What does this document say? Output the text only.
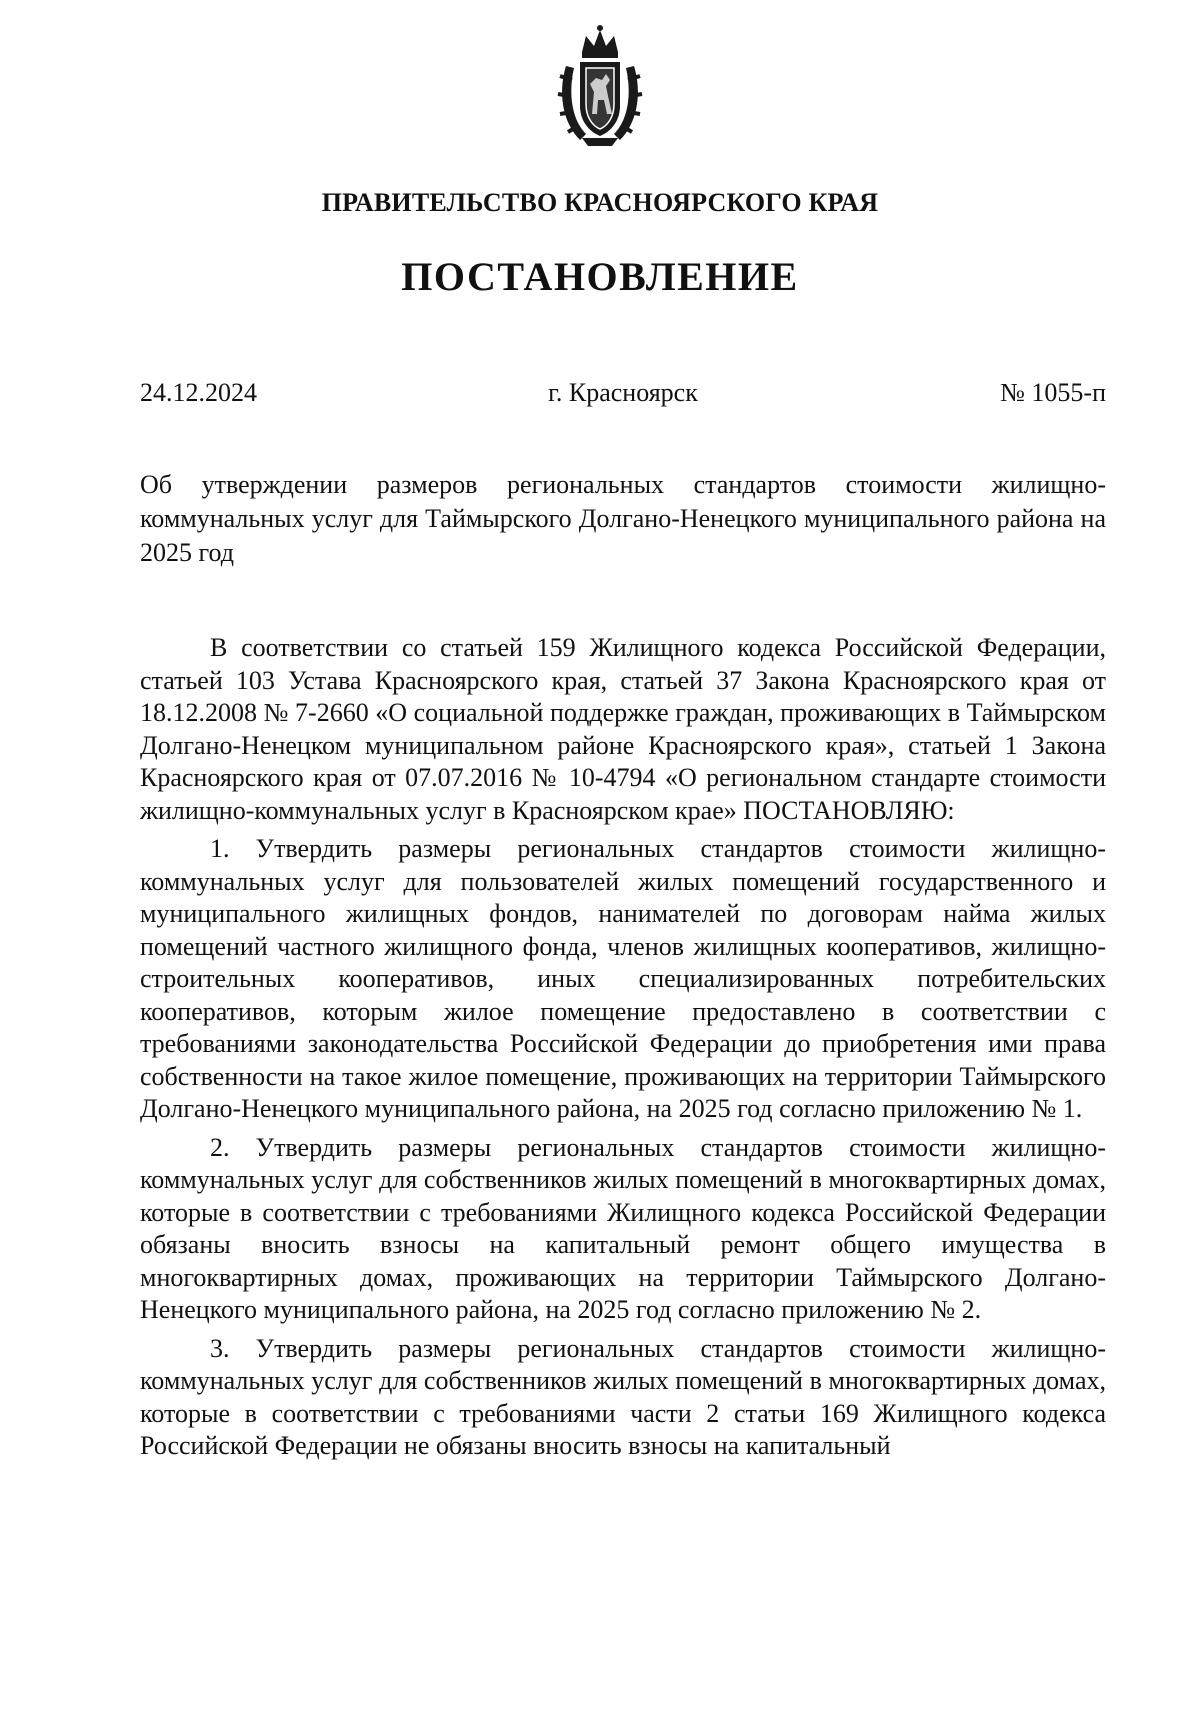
ПРАВИТЕЛЬСТВО КРАСНОЯРСКОГО КРАЯ
ПОСТАНОВЛЕНИЕ
г. Красноярск
24.12.2024	№ 1055-п
Об утверждении размеров региональных стандартов стоимости жилищно-коммунальных услуг для Таймырского Долгано-Ненецкого муниципального района на 2025 год

В соответствии со статьей 159 Жилищного кодекса Российской Федерации, статьей 103 Устава Красноярского края, статьей 37 Закона Красноярского края от 18.12.2008 № 7-2660 «О социальной поддержке граждан, проживающих в Таймырском Долгано-Ненецком муниципальном районе Красноярского края», статьей 1 Закона Красноярского края от 07.07.2016 № 10-4794 «О региональном стандарте стоимости жилищно-коммунальных услуг в Красноярском крае» ПОСТАНОВЛЯЮ:

1. Утвердить размеры региональных стандартов стоимости жилищно-коммунальных услуг для пользователей жилых помещений государственного и муниципального жилищных фондов, нанимателей по договорам найма жилых помещений частного жилищного фонда, членов жилищных кооперативов, жилищно-строительных кооперативов, иных специализированных потребительских кооперативов, которым жилое помещение предоставлено в соответствии с требованиями законодательства Российской Федерации до приобретения ими права собственности на такое жилое помещение, проживающих на территории Таймырского Долгано-Ненецкого муниципального района, на 2025 год согласно приложению № 1.

2. Утвердить размеры региональных стандартов стоимости жилищно-коммунальных услуг для собственников жилых помещений в многоквартирных домах, которые в соответствии с требованиями Жилищного кодекса Российской Федерации обязаны вносить взносы на капитальный ремонт общего имущества в многоквартирных домах, проживающих на территории Таймырского Долгано-Ненецкого муниципального района, на 2025 год согласно приложению № 2.

3. Утвердить размеры региональных стандартов стоимости жилищно-коммунальных услуг для собственников жилых помещений в многоквартирных домах, которые в соответствии с требованиями части 2 статьи 169 Жилищного кодекса Российской Федерации не обязаны вносить взносы на капитальный
